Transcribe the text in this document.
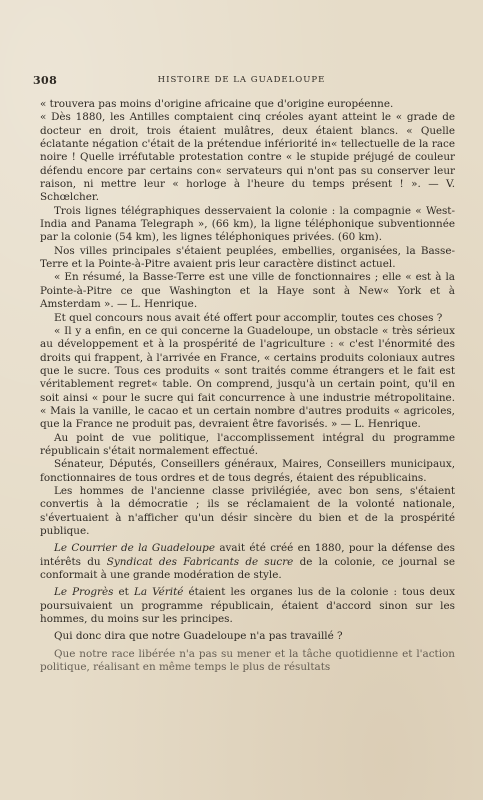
308	HISTOIRE DE LA GUADELOUPE

« trouvera pas moins d'origine africaine que d'origine européenne.

« Dès 1880, les Antilles comptaient cinq créoles ayant atteint le « grade de docteur en droit, trois étaient mulâtres, deux étaient blancs. « Quelle éclatante négation c'était de la prétendue infériorité in« tellectuelle de la race noire ! Quelle irréfutable protestation contre « le stupide préjugé de couleur défendu encore par certains con« servateurs qui n'ont pas su conserver leur raison, ni mettre leur « horloge à l'heure du temps présent ! ». — V. Schœlcher.

Trois lignes télégraphiques desservaient la colonie : la compagnie « West-India and Panama Telegraph », (66 km), la ligne téléphonique subventionnée par la colonie (54 km), les lignes téléphoniques privées. (60 km).

Nos villes principales s'étaient peuplées, embellies, organisées, la Basse-Terre et la Pointe-à-Pitre avaient pris leur caractère distinct actuel.

« En résumé, la Basse-Terre est une ville de fonctionnaires ; elle « est à la Pointe-à-Pitre ce que Washington et la Haye sont à New« York et à Amsterdam ». — L. Henrique.

Et quel concours nous avait été offert pour accomplir, toutes ces choses ?

« Il y a enfin, en ce qui concerne la Guadeloupe, un obstacle « très sérieux au développement et à la prospérité de l'agriculture : « c'est l'énormité des droits qui frappent, à l'arrivée en France, « certains produits coloniaux autres que le sucre. Tous ces produits « sont traités comme étrangers et le fait est véritablement regret« table. On comprend, jusqu'à un certain point, qu'il en soit ainsi « pour le sucre qui fait concurrence à une industrie métropolitaine. « Mais la vanille, le cacao et un certain nombre d'autres produits « agricoles, que la France ne produit pas, devraient être favorisés. » — L. Henrique.

Au point de vue politique, l'accomplissement intégral du programme républicain s'était normalement effectué.

Sénateur, Députés, Conseillers généraux, Maires, Conseillers municipaux, fonctionnaires de tous ordres et de tous degrés, étaient des républicains.

Les hommes de l'ancienne classe privilégiée, avec bon sens, s'étaient convertis à la démocratie ; ils se réclamaient de la volonté nationale, s'évertuaient à n'afficher qu'un désir sincère du bien et de la prospérité publique.

Le Courrier de la Guadeloupe avait été créé en 1880, pour la défense des intérêts du Syndicat des Fabricants de sucre de la colonie, ce journal se conformait à une grande modération de style.

Le Progrès et La Vérité étaient les organes lus de la colonie : tous deux poursuivaient un programme républicain, étaient d'accord sinon sur les hommes, du moins sur les principes.

Qui donc dira que notre Guadeloupe n'a pas travaillé ?

Que notre race libérée n'a pas su mener et la tâche quotidienne et l'action politique, réalisant en même temps le plus de résultats
